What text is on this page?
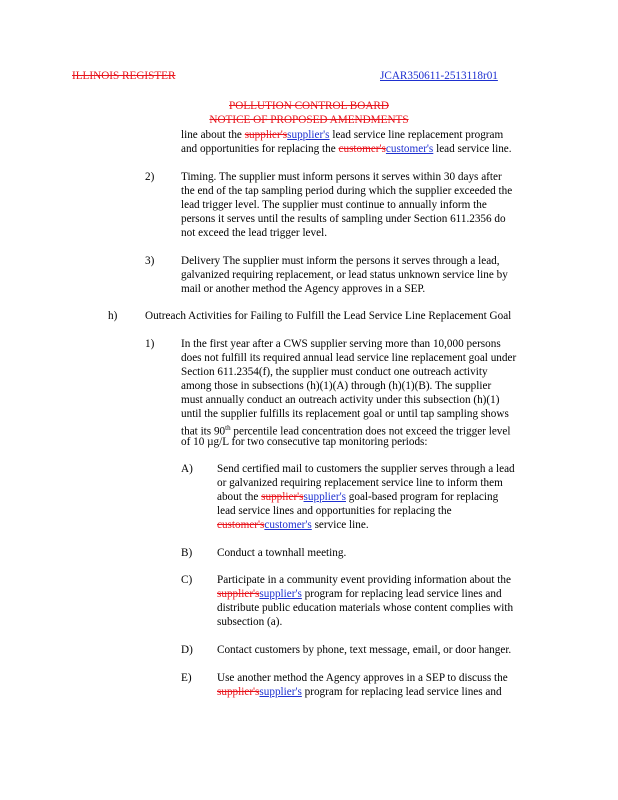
ILLINOIS REGISTER	JCAR350611-2513118r01
POLLUTION CONTROL BOARD
NOTICE OF PROPOSED AMENDMENTS
line about the supplier'ssupplier's lead service line replacement program
and opportunities for replacing the customer'scustomer's lead service line.
2) Timing. The supplier must inform persons it serves within 30 days after
the end of the tap sampling period during which the supplier exceeded the
lead trigger level. The supplier must continue to annually inform the
persons it serves until the results of sampling under Section 611.2356 do
not exceed the lead trigger level.
3) Delivery The supplier must inform the persons it serves through a lead,
galvanized requiring replacement, or lead status unknown service line by
mail or another method the Agency approves in a SEP.
h) Outreach Activities for Failing to Fulfill the Lead Service Line Replacement Goal
1) In the first year after a CWS supplier serving more than 10,000 persons
does not fulfill its required annual lead service line replacement goal under
Section 611.2354(f), the supplier must conduct one outreach activity
among those in subsections (h)(1)(A) through (h)(1)(B). The supplier
must annually conduct an outreach activity under this subsection (h)(1)
until the supplier fulfills its replacement goal or until tap sampling shows
that its 90th percentile lead concentration does not exceed the trigger level
of 10 µg/L for two consecutive tap monitoring periods:
A) Send certified mail to customers the supplier serves through a lead
or galvanized requiring replacement service line to inform them
about the supplier'ssupplier's goal-based program for replacing
lead service lines and opportunities for replacing the
customer'scustomer's service line.
B) Conduct a townhall meeting.
C) Participate in a community event providing information about the
supplier'ssupplier's program for replacing lead service lines and
distribute public education materials whose content complies with
subsection (a).
D) Contact customers by phone, text message, email, or door hanger.
E) Use another method the Agency approves in a SEP to discuss the
supplier'ssupplier's program for replacing lead service lines and
